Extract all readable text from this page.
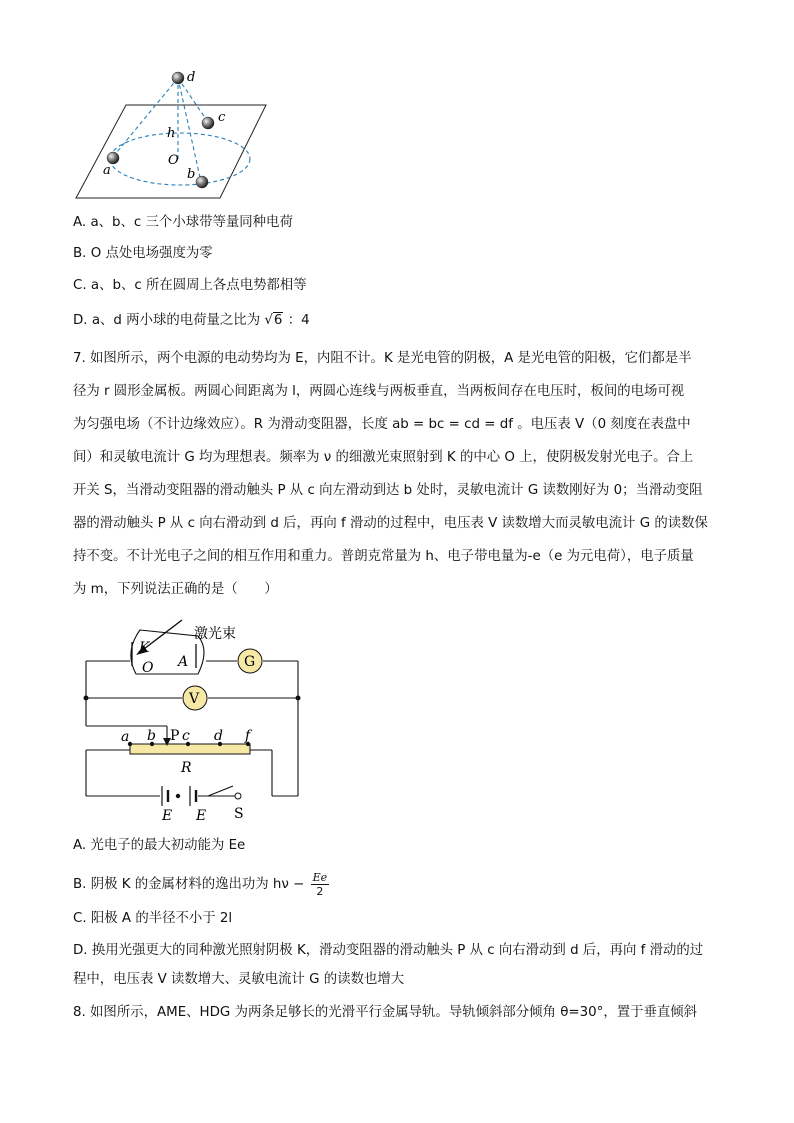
d
c
h
O
a	b
A. a、b、c 三个小球带等量同种电荷
B. O 点处电场强度为零
C. a、b、c 所在圆周上各点电势都相等
D. a、d 两小球的电荷量之比为 √6 ：4
7. 如图所示，两个电源的电动势均为 E，内阻不计。K 是光电管的阴极，A 是光电管的阳极，它们都是半
径为 r 圆形金属板。两圆心间距离为 l，两圆心连线与两板垂直，当两板间存在电压时，板间的电场可视
为匀强电场（不计边缘效应）。R 为滑动变阻器，长度 ab = bc = cd = df 。电压表 V（0 刻度在表盘中
间）和灵敏电流计 G 均为理想表。频率为 ν 的细激光束照射到 K 的中心 O 上，使阴极发射光电子。合上
开关 S，当滑动变阻器的滑动触头 P 从 c 向左滑动到达 b 处时，灵敏电流计 G 读数刚好为 0；当滑动变阻
器的滑动触头 P 从 c 向右滑动到 d 后，再向 f 滑动的过程中，电压表 V 读数增大而灵敏电流计 G 的读数保
持不变。不计光电子之间的相互作用和重力。普朗克常量为 h、电子带电量为-e（e 为元电荷），电子质量
为 m，下列说法正确的是（　　）
激光束
K
O A	G
V
a b P c d f
R
E E S
A. 光电子的最大初动能为 Ee
B. 阴极 K 的金属材料的逸出功为 $h\nu - \frac{Ee}{2}$
C. 阳极 A 的半径不小于 2l
D. 换用光强更大的同种激光照射阴极 K，滑动变阻器的滑动触头 P 从 c 向右滑动到 d 后，再向 f 滑动的过
程中，电压表 V 读数增大、灵敏电流计 G 的读数也增大
8. 如图所示，AME、HDG 为两条足够长的光滑平行金属导轨。导轨倾斜部分倾角 θ=30°，置于垂直倾斜
